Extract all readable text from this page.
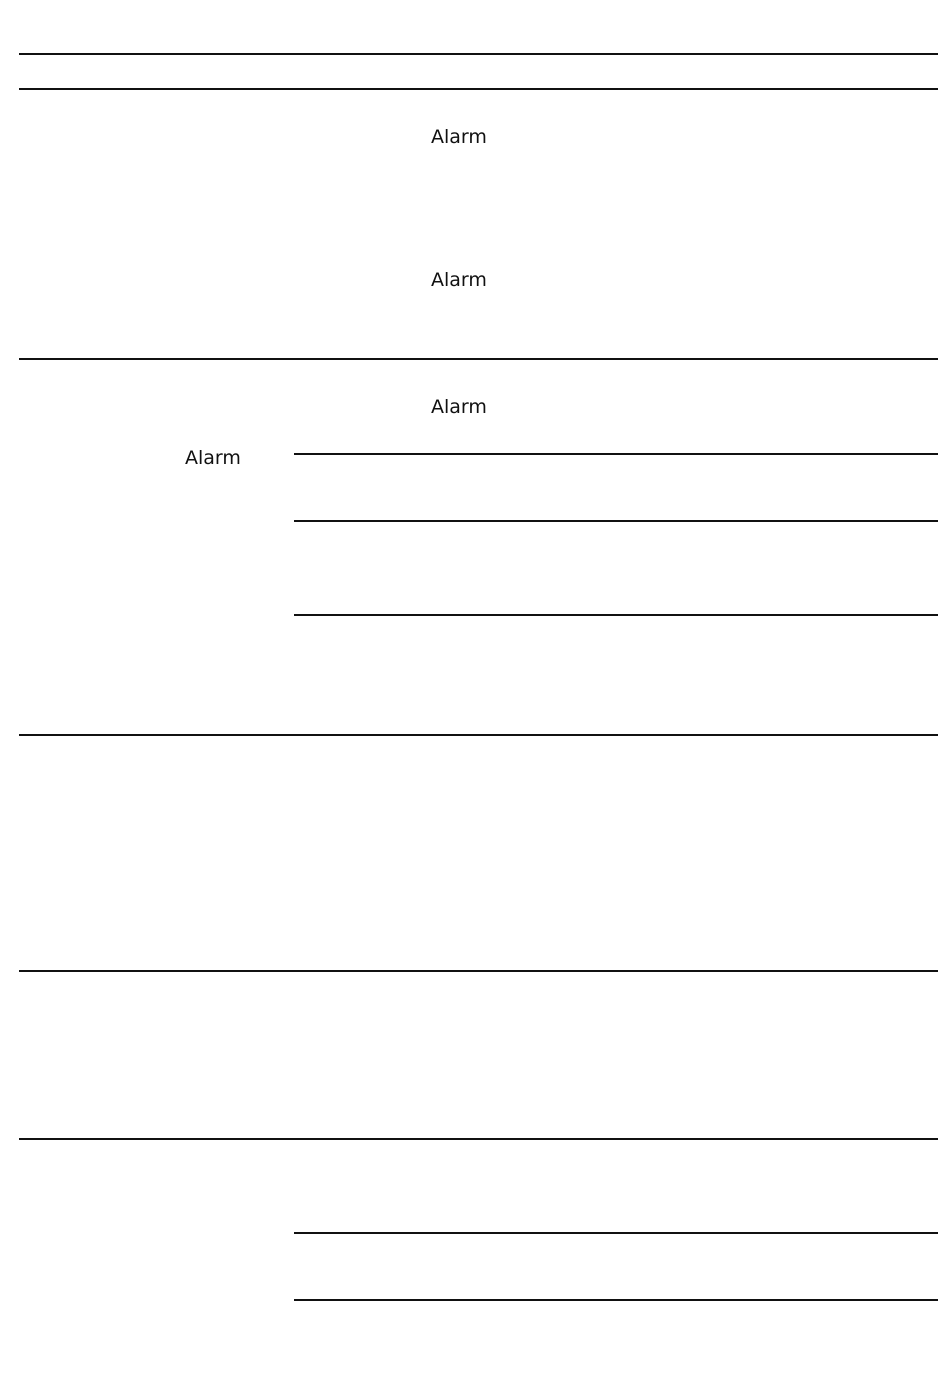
Alarm
Alarm
Alarm
Alarm
